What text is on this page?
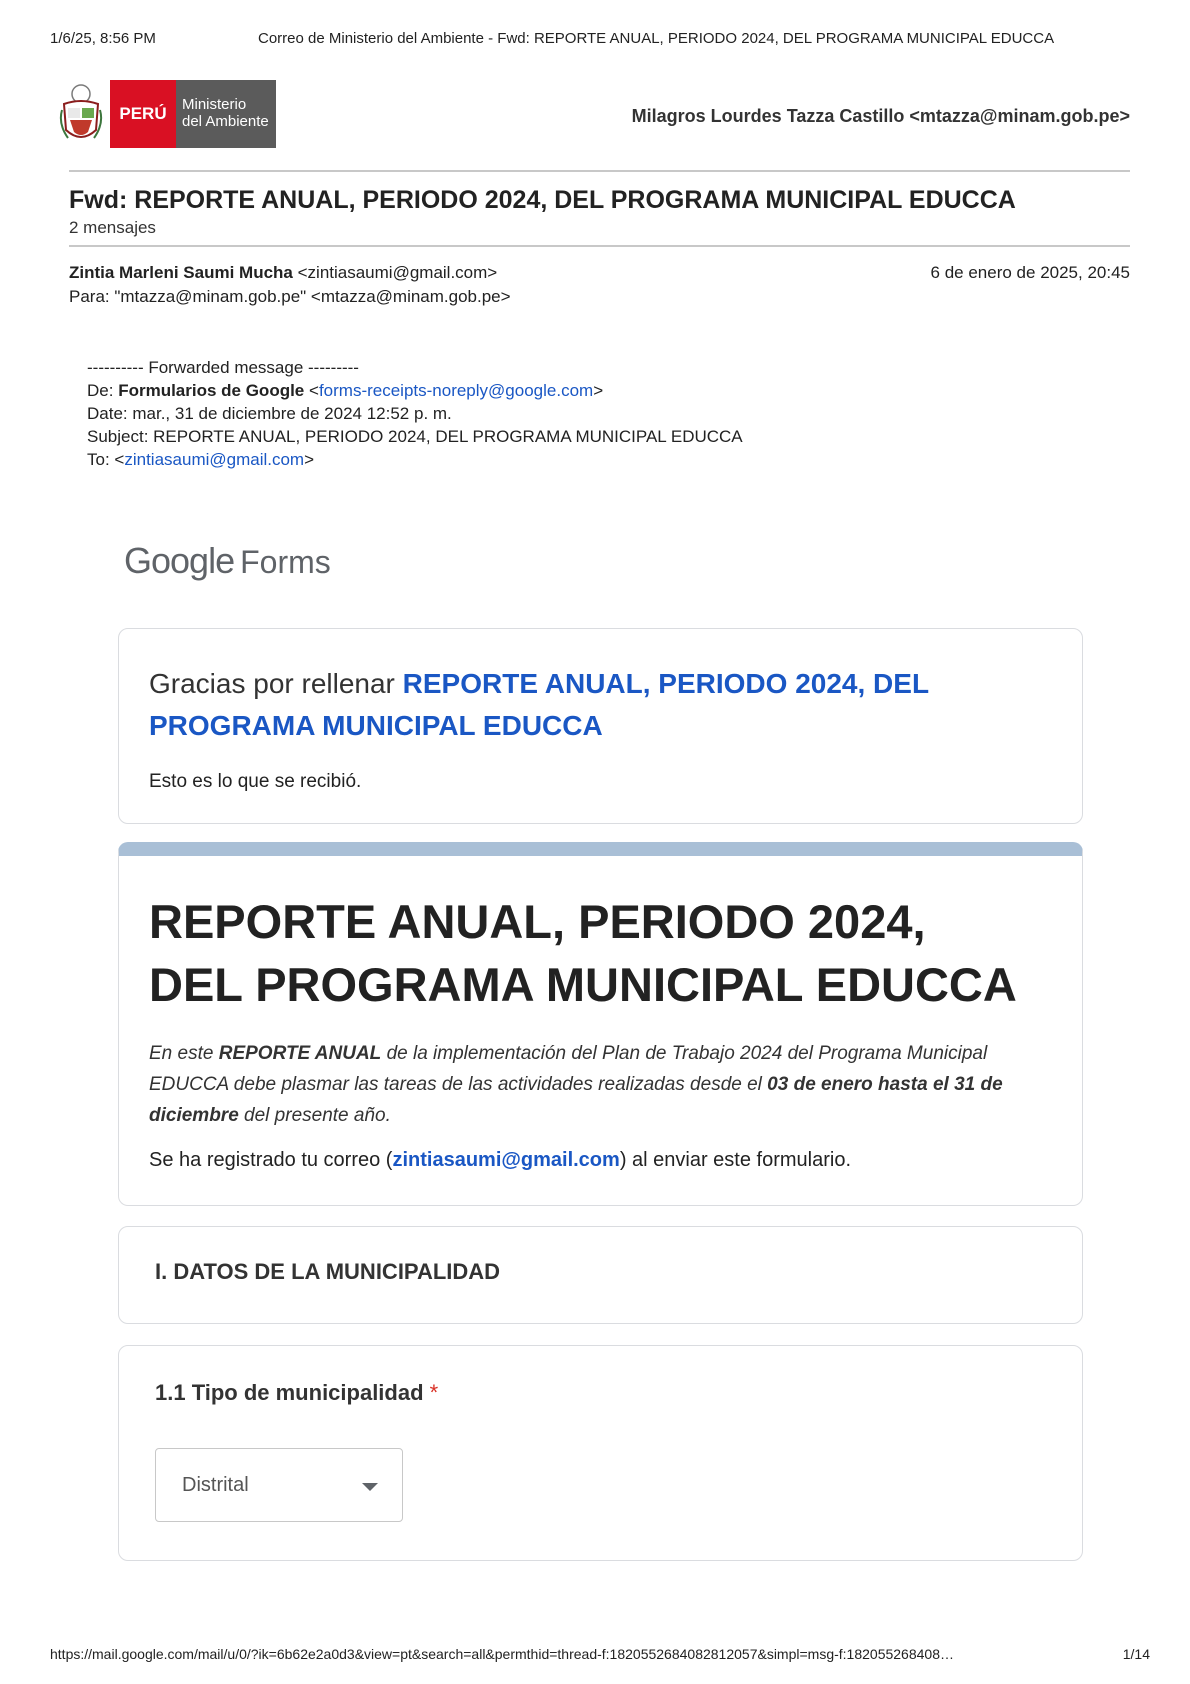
1/6/25, 8:56 PM	Correo de Ministerio del Ambiente - Fwd: REPORTE ANUAL, PERIODO 2024, DEL PROGRAMA MUNICIPAL EDUCCA
PERÚ	Ministerio
del Ambiente	Milagros Lourdes Tazza Castillo <mtazza@minam.gob.pe>
Fwd: REPORTE ANUAL, PERIODO 2024, DEL PROGRAMA MUNICIPAL EDUCCA
2 mensajes
Zintia Marleni Saumi Mucha <zintiasaumi@gmail.com>	6 de enero de 2025, 20:45
Para: "mtazza@minam.gob.pe" <mtazza@minam.gob.pe>
---------- Forwarded message ---------
De: Formularios de Google <forms-receipts-noreply@google.com>
Date: mar., 31 de diciembre de 2024 12:52 p. m.
Subject: REPORTE ANUAL, PERIODO 2024, DEL PROGRAMA MUNICIPAL EDUCCA
To: <zintiasaumi@gmail.com>
Google Forms
Gracias por rellenar REPORTE ANUAL, PERIODO 2024, DEL PROGRAMA MUNICIPAL EDUCCA
Esto es lo que se recibió.
REPORTE ANUAL, PERIODO 2024,
DEL PROGRAMA MUNICIPAL EDUCCA
En este REPORTE ANUAL de la implementación del Plan de Trabajo 2024 del Programa Municipal EDUCCA debe plasmar las tareas de las actividades realizadas desde el 03 de enero hasta el 31 de diciembre del presente año.
Se ha registrado tu correo (zintiasaumi@gmail.com) al enviar este formulario.
I. DATOS DE LA MUNICIPALIDAD
1.1 Tipo de municipalidad *
Distrital
https://mail.google.com/mail/u/0/?ik=6b62e2a0d3&view=pt&search=all&permthid=thread-f:1820552684082812057&simpl=msg-f:182055268408…	1/14
